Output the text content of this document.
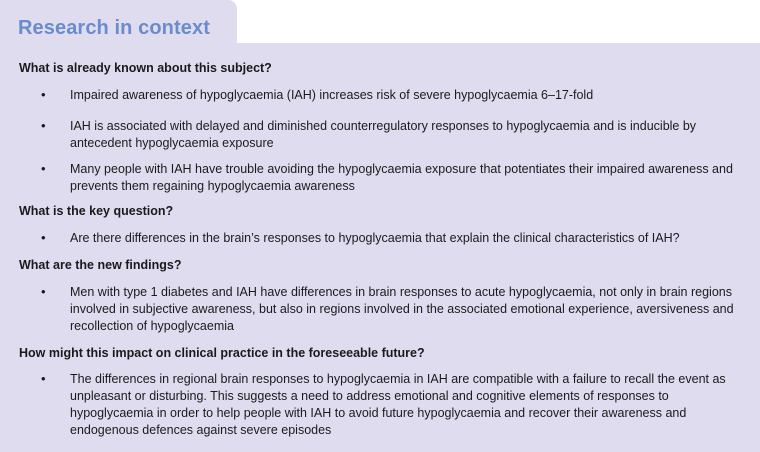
Research in context
What is already known about this subject?
• Impaired awareness of hypoglycaemia (IAH) increases risk of severe hypoglycaemia 6–17-fold

• IAH is associated with delayed and diminished counterregulatory responses to hypoglycaemia and is inducible by antecedent hypoglycaemia exposure

• Many people with IAH have trouble avoiding the hypoglycaemia exposure that potentiates their impaired awareness and prevents them regaining hypoglycaemia awareness

What is the key question?
• Are there differences in the brain’s responses to hypoglycaemia that explain the clinical characteristics of IAH?

What are the new findings?
• Men with type 1 diabetes and IAH have differences in brain responses to acute hypoglycaemia, not only in brain regions involved in subjective awareness, but also in regions involved in the associated emotional experience, aversiveness and recollection of hypoglycaemia

How might this impact on clinical practice in the foreseeable future?
• The differences in regional brain responses to hypoglycaemia in IAH are compatible with a failure to recall the event as unpleasant or disturbing. This suggests a need to address emotional and cognitive elements of responses to hypoglycaemia in order to help people with IAH to avoid future hypoglycaemia and recover their awareness and endogenous defences against severe episodes
